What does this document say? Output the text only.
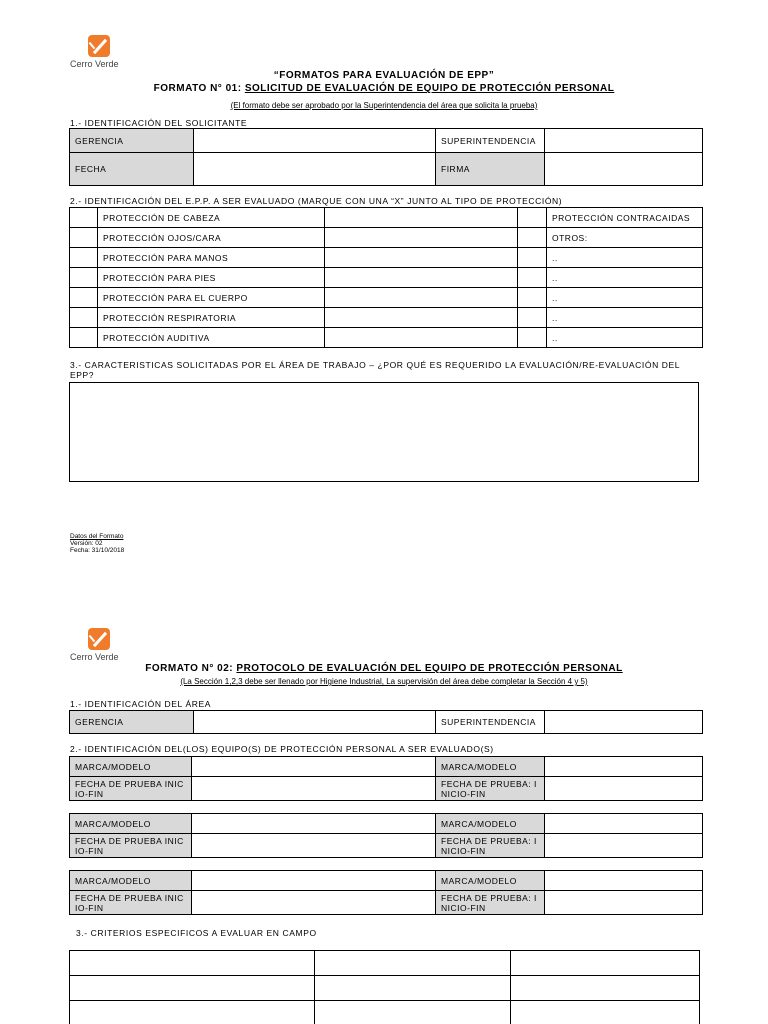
Cerro Verde
“FORMATOS PARA EVALUACIÓN DE EPP”
FORMATO N° 01: SOLICITUD DE EVALUACIÓN DE EQUIPO DE PROTECCIÓN PERSONAL
(El formato debe ser aprobado por la Superintendencia del área que solicita la prueba)
1.- IDENTIFICACIÓN DEL SOLICITANTE
GERENCIA		SUPERINTENDENCIA	
FECHA		FIRMA	
2.- IDENTIFICACIÓN DEL E.P.P. A SER EVALUADO (MARQUE CON UNA “X” JUNTO AL TIPO DE PROTECCIÓN)
	PROTECCIÓN DE CABEZA			PROTECCIÓN CONTRACAIDAS
	PROTECCIÓN OJOS/CARA			OTROS:
	PROTECCIÓN PARA MANOS			..
	PROTECCIÓN PARA PIES			..
	PROTECCIÓN PARA EL CUERPO			..
	PROTECCIÓN RESPIRATORIA			..
	PROTECCIÓN AUDITIVA			..
3.- CARACTERISTICAS SOLICITADAS POR EL ÁREA DE TRABAJO – ¿POR QUÉ ES REQUERIDO LA EVALUACIÓN/RE-EVALUACIÓN DEL EPP?
Datos del Formato
Versión: 02
Fecha: 31/10/2018
Cerro Verde
FORMATO N° 02: PROTOCOLO DE EVALUACIÓN DEL EQUIPO DE PROTECCIÓN PERSONAL
(La Sección 1,2,3 debe ser llenado por Higiene Industrial, La supervisión del área debe completar la Sección 4 y 5)
1.- IDENTIFICACIÓN DEL ÁREA
GERENCIA		SUPERINTENDENCIA	
2.- IDENTIFICACIÓN DEL(LOS) EQUIPO(S) DE PROTECCIÓN PERSONAL A SER EVALUADO(S)
MARCA/MODELO		MARCA/MODELO	
FECHA DE PRUEBA INICIO-FIN		FECHA DE PRUEBA: INICIO-FIN	
MARCA/MODELO		MARCA/MODELO	
FECHA DE PRUEBA INICIO-FIN		FECHA DE PRUEBA: INICIO-FIN	
MARCA/MODELO		MARCA/MODELO	
FECHA DE PRUEBA INICIO-FIN		FECHA DE PRUEBA: INICIO-FIN	
3.- CRITERIOS ESPECIFICOS A EVALUAR EN CAMPO
